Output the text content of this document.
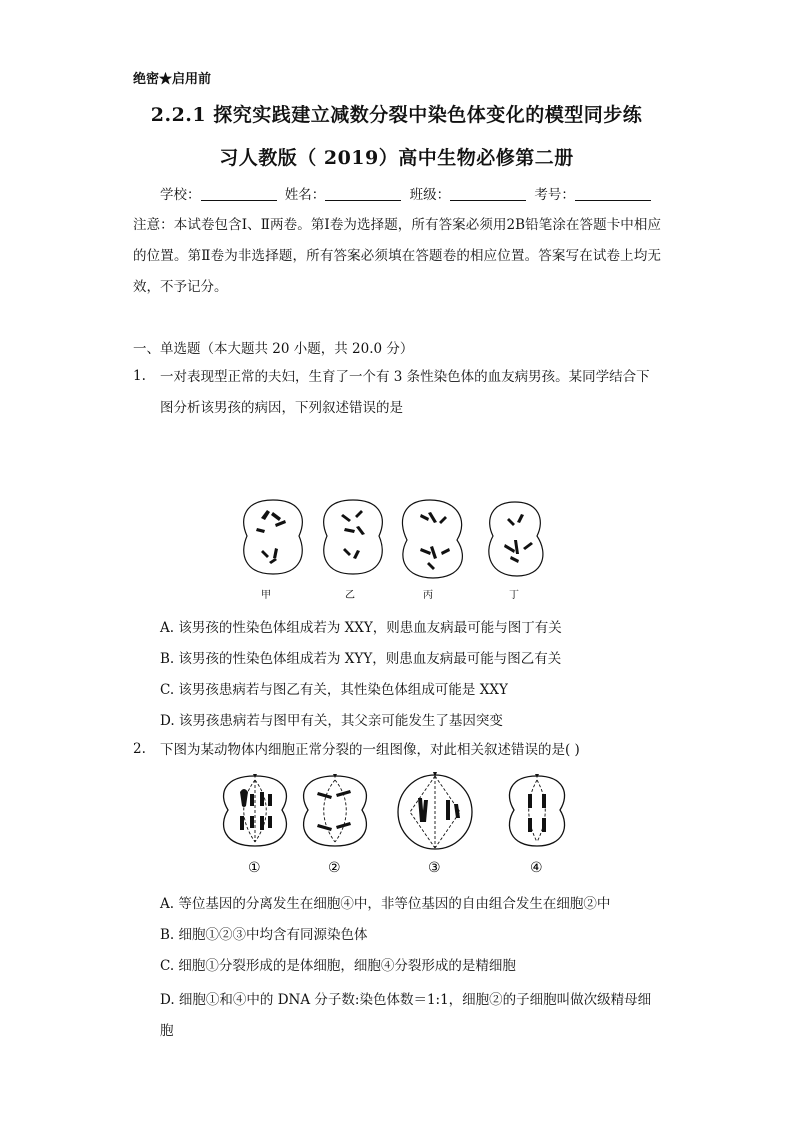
绝密★启用前
2.2.1 探究实践建立减数分裂中染色体变化的模型同步练
习人教版（ 2019）高中生物必修第二册
学校：	姓名：	班级：	考号：
注意：本试卷包含Ⅰ、Ⅱ两卷。第Ⅰ卷为选择题，所有答案必须用2B铅笔涂在答题卡中相应的位置。第Ⅱ卷为非选择题，所有答案必须填在答题卷的相应位置。答案写在试卷上均无效，不予记分。
一、单选题（本大题共 20 小题，共 20.0 分）
1. 一对表现型正常的夫妇，生育了一个有 3 条性染色体的血友病男孩。某同学结合下图分析该男孩的病因，下列叙述错误的是
甲	乙	丙	丁
A. 该男孩的性染色体组成若为 XXY，则患血友病最可能与图丁有关
B. 该男孩的性染色体组成若为 XYY，则患血友病最可能与图乙有关
C. 该男孩患病若与图乙有关，其性染色体组成可能是 XXY
D. 该男孩患病若与图甲有关，其父亲可能发生了基因突变
2. 下图为某动物体内细胞正常分裂的一组图像，对此相关叙述错误的是( )
①	②	③	④
A. 等位基因的分离发生在细胞④中，非等位基因的自由组合发生在细胞②中
B. 细胞①②③中均含有同源染色体
C. 细胞①分裂形成的是体细胞，细胞④分裂形成的是精细胞
D. 细胞①和④中的 DNA 分子数:染色体数＝1:1，细胞②的子细胞叫做次级精母细胞
